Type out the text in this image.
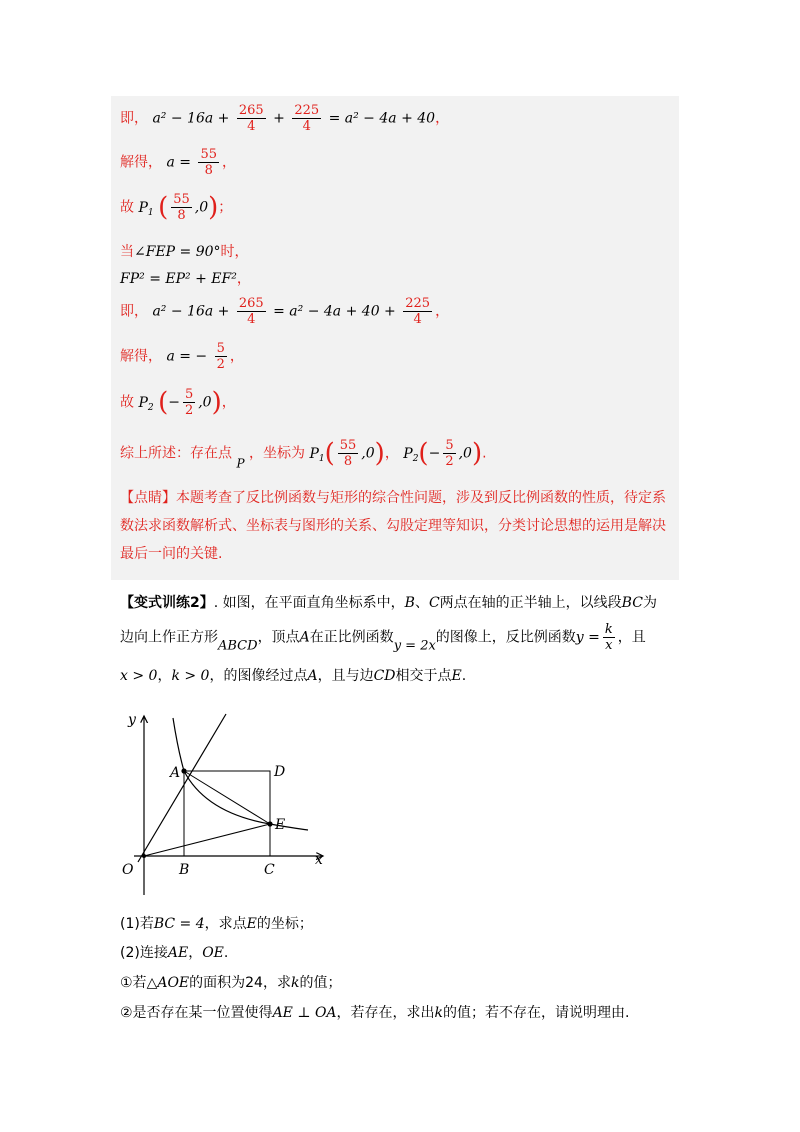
即， $a^2 - 16a + \frac{265}{4} + \frac{225}{4} = a^2 - 4a + 40$，
解得， $a = \frac{55}{8}$ ，
故 $P_1$ ( $\frac{55}{8} ,0$)；
当∠FEP = 90°时，
FP² = EP² + EF²，
即， $a^2 - 16a + \frac{265}{4} = a^2 - 4a + 40 + \frac{225}{4}$ ，
解得， a = − $\frac{5}{2}$ ，
故 $P_2$ (− $\frac{5}{2} ,0$)，
综上所述：存在点 P ，坐标为 $P_1( \frac{55}{8} ,0)$， $P_2(- \frac{5}{2} ,0)$.
【点睛】本题考查了反比例函数与矩形的综合性问题，涉及到反比例函数的性质，待定系
数法求函数解析式、坐标表与图形的关系、勾股定理等知识，分类讨论思想的运用是解决
最后一问的关键.
【变式训练2】. 如图，在平面直角坐标系中，B、C两点在轴的正半轴上，以线段BC为
边向上作正方形ABCD，顶点A在正比例函数y = 2x的图像上，反比例函数$y = \frac{k}{x}$ ，且
x > 0，k > 0，的图像经过点A，且与边CD相交于点E.
y
x
O
A
B	C
D
E
(1)若BC = 4，求点E的坐标；
(2)连接AE，OE.
①若△AOE的面积为24，求k的值；
②是否存在某一位置使得AE ⊥ OA，若存在，求出k的值；若不存在，请说明理由.
